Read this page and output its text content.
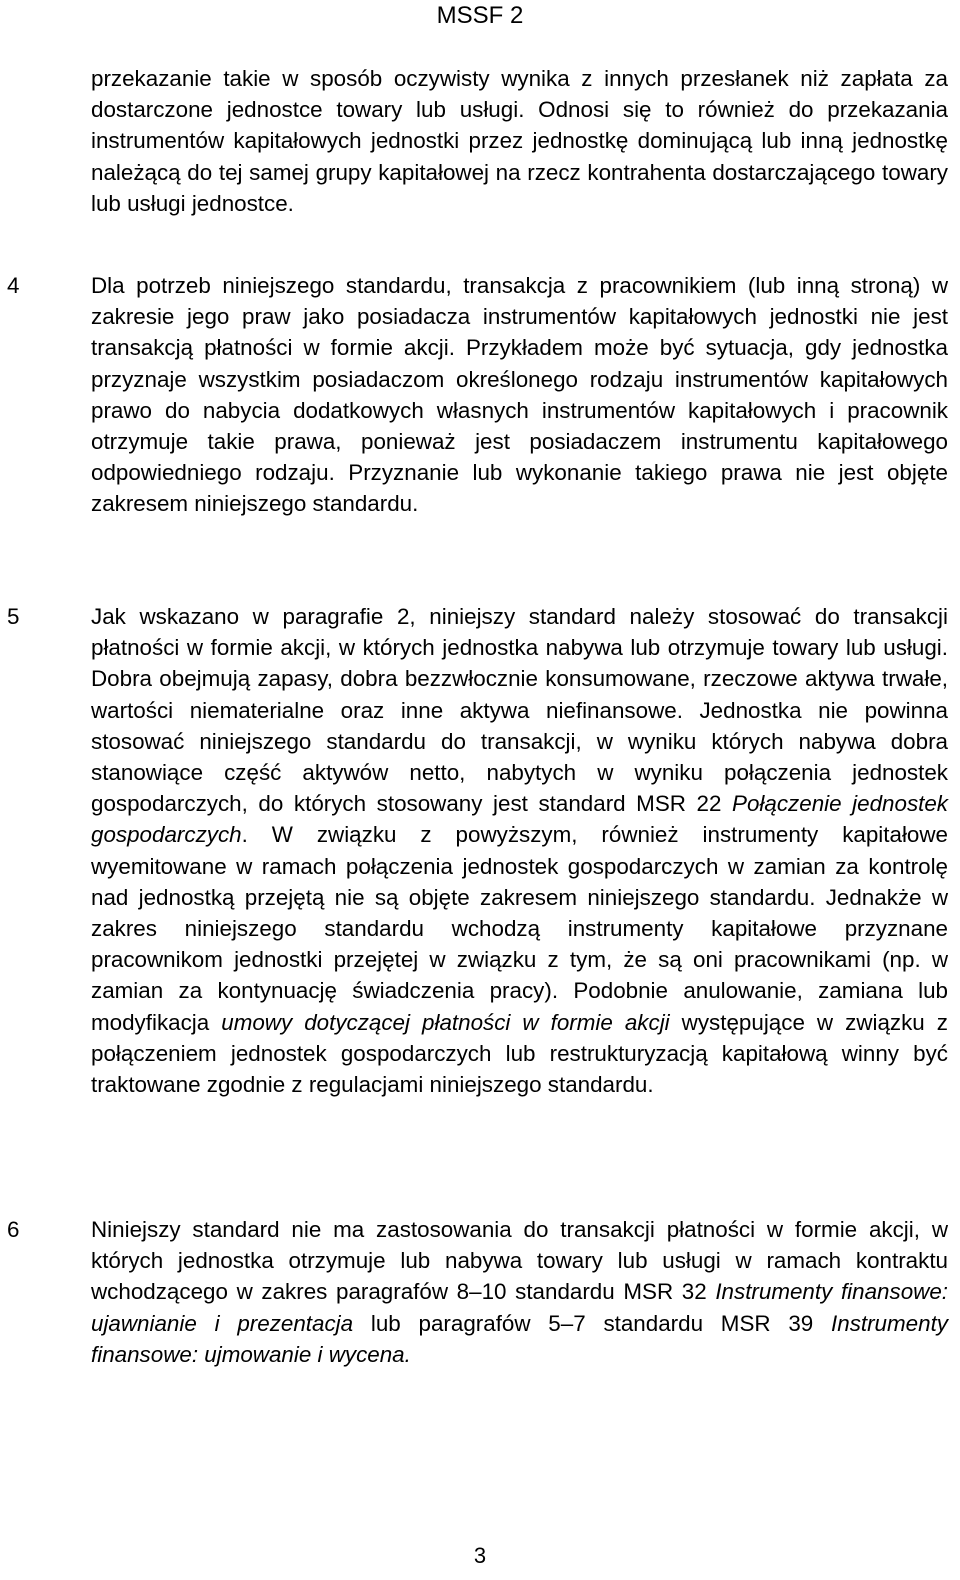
MSSF 2

przekazanie takie w sposób oczywisty wynika z innych przesłanek niż zapłata za dostarczone jednostce towary lub usługi. Odnosi się to również do przekazania instrumentów kapitałowych jednostki przez jednostkę dominującą lub inną jednostkę należącą do tej samej grupy kapitałowej na rzecz kontrahenta dostarczającego towary lub usługi jednostce.

4	Dla potrzeb niniejszego standardu, transakcja z pracownikiem (lub inną stroną) w zakresie jego praw jako posiadacza instrumentów kapitałowych jednostki nie jest transakcją płatności w formie akcji. Przykładem może być sytuacja, gdy jednostka przyznaje wszystkim posiadaczom określonego rodzaju instrumentów kapitałowych prawo do nabycia dodatkowych własnych instrumentów kapitałowych i pracownik otrzymuje takie prawa, ponieważ jest posiadaczem instrumentu kapitałowego odpowiedniego rodzaju. Przyznanie lub wykonanie takiego prawa nie jest objęte zakresem niniejszego standardu.

5	Jak wskazano w paragrafie 2, niniejszy standard należy stosować do transakcji płatności w formie akcji, w których jednostka nabywa lub otrzymuje towary lub usługi. Dobra obejmują zapasy, dobra bezzwłocznie konsumowane, rzeczowe aktywa trwałe, wartości niematerialne oraz inne aktywa niefinansowe. Jednostka nie powinna stosować niniejszego standardu do transakcji, w wyniku których nabywa dobra stanowiące część aktywów netto, nabytych w wyniku połączenia jednostek gospodarczych, do których stosowany jest standard MSR 22 Połączenie jednostek gospodarczych. W związku z powyższym, również instrumenty kapitałowe wyemitowane w ramach połączenia jednostek gospodarczych w zamian za kontrolę nad jednostką przejętą nie są objęte zakresem niniejszego standardu. Jednakże w zakres niniejszego standardu wchodzą instrumenty kapitałowe przyznane pracownikom jednostki przejętej w związku z tym, że są oni pracownikami (np. w zamian za kontynuację świadczenia pracy). Podobnie anulowanie, zamiana lub modyfikacja umowy dotyczącej płatności w formie akcji występujące w związku z połączeniem jednostek gospodarczych lub restrukturyzacją kapitałową winny być traktowane zgodnie z regulacjami niniejszego standardu.

6	Niniejszy standard nie ma zastosowania do transakcji płatności w formie akcji, w których jednostka otrzymuje lub nabywa towary lub usługi w ramach kontraktu wchodzącego w zakres paragrafów 8–10 standardu MSR 32 Instrumenty finansowe: ujawnianie i prezentacja lub paragrafów 5–7 standardu MSR 39 Instrumenty finansowe: ujmowanie i wycena.

3
